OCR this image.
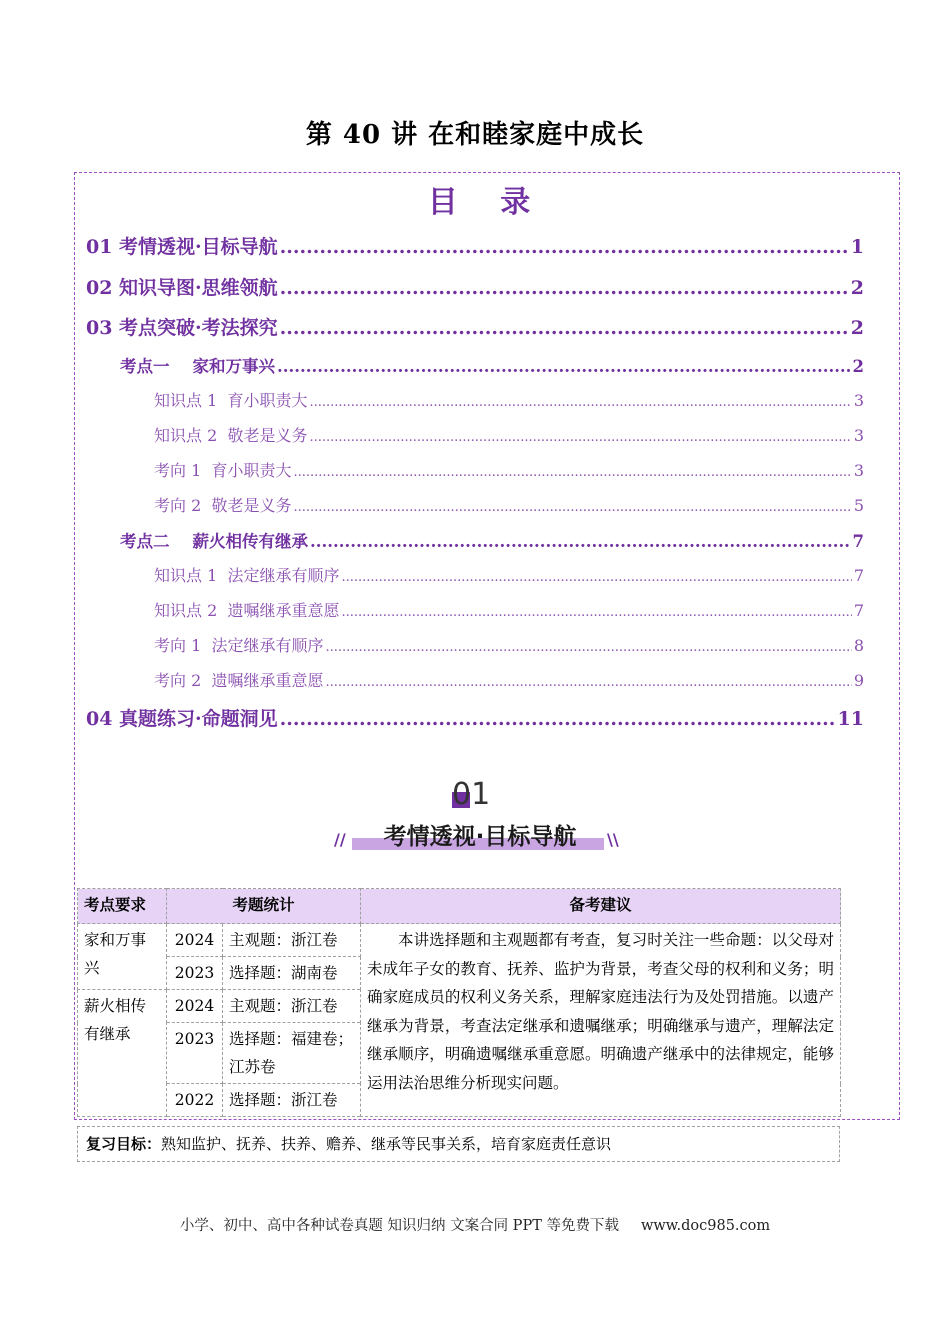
第 40 讲 在和睦家庭中成长
目 录
01 考情透视·目标导航 .....	1
02 知识导图·思维领航 .....	2
03 考点突破·考法探究 .....	2
考点一    家和万事兴 .....	2
知识点 1  育小职责大 .....	3
知识点 2  敬老是义务 .....	3
考向 1  育小职责大 .....	3
考向 2  敬老是义务 .....	5
考点二    薪火相传有继承 .....	7
知识点 1  法定继承有顺序 .....	7
知识点 2  遗嘱继承重意愿 .....	7
考向 1  法定继承有顺序 .....	8
考向 2  遗嘱继承重意愿 .....	9
04 真题练习·命题洞见 .....	11
01
//	考情透视·目标导航	\\
考点要求	考题统计		备考建议
家和万事兴	2024	主观题：浙江卷	本讲选择题和主观题都有考查，复习时关注一些命题：以父母对未成年子女的教育、抚养、监护为背景，考查父母的权利和义务；明确家庭成员的权利义务关系，理解家庭违法行为及处罚措施。以遗产继承为背景，考查法定继承和遗嘱继承；明确继承与遗产，理解法定继承顺序，明确遗嘱继承重意愿。明确遗产继承中的法律规定，能够运用法治思维分析现实问题。
	2023	选择题：湖南卷	
薪火相传有继承	2024	主观题：浙江卷	
	2023	选择题：福建卷；江苏卷	
	2022	选择题：浙江卷	
复习目标：熟知监护、抚养、扶养、赡养、继承等民事关系，培育家庭责任意识
小学、初中、高中各种试卷真题 知识归纳 文案合同 PPT 等免费下载 www.doc985.com
